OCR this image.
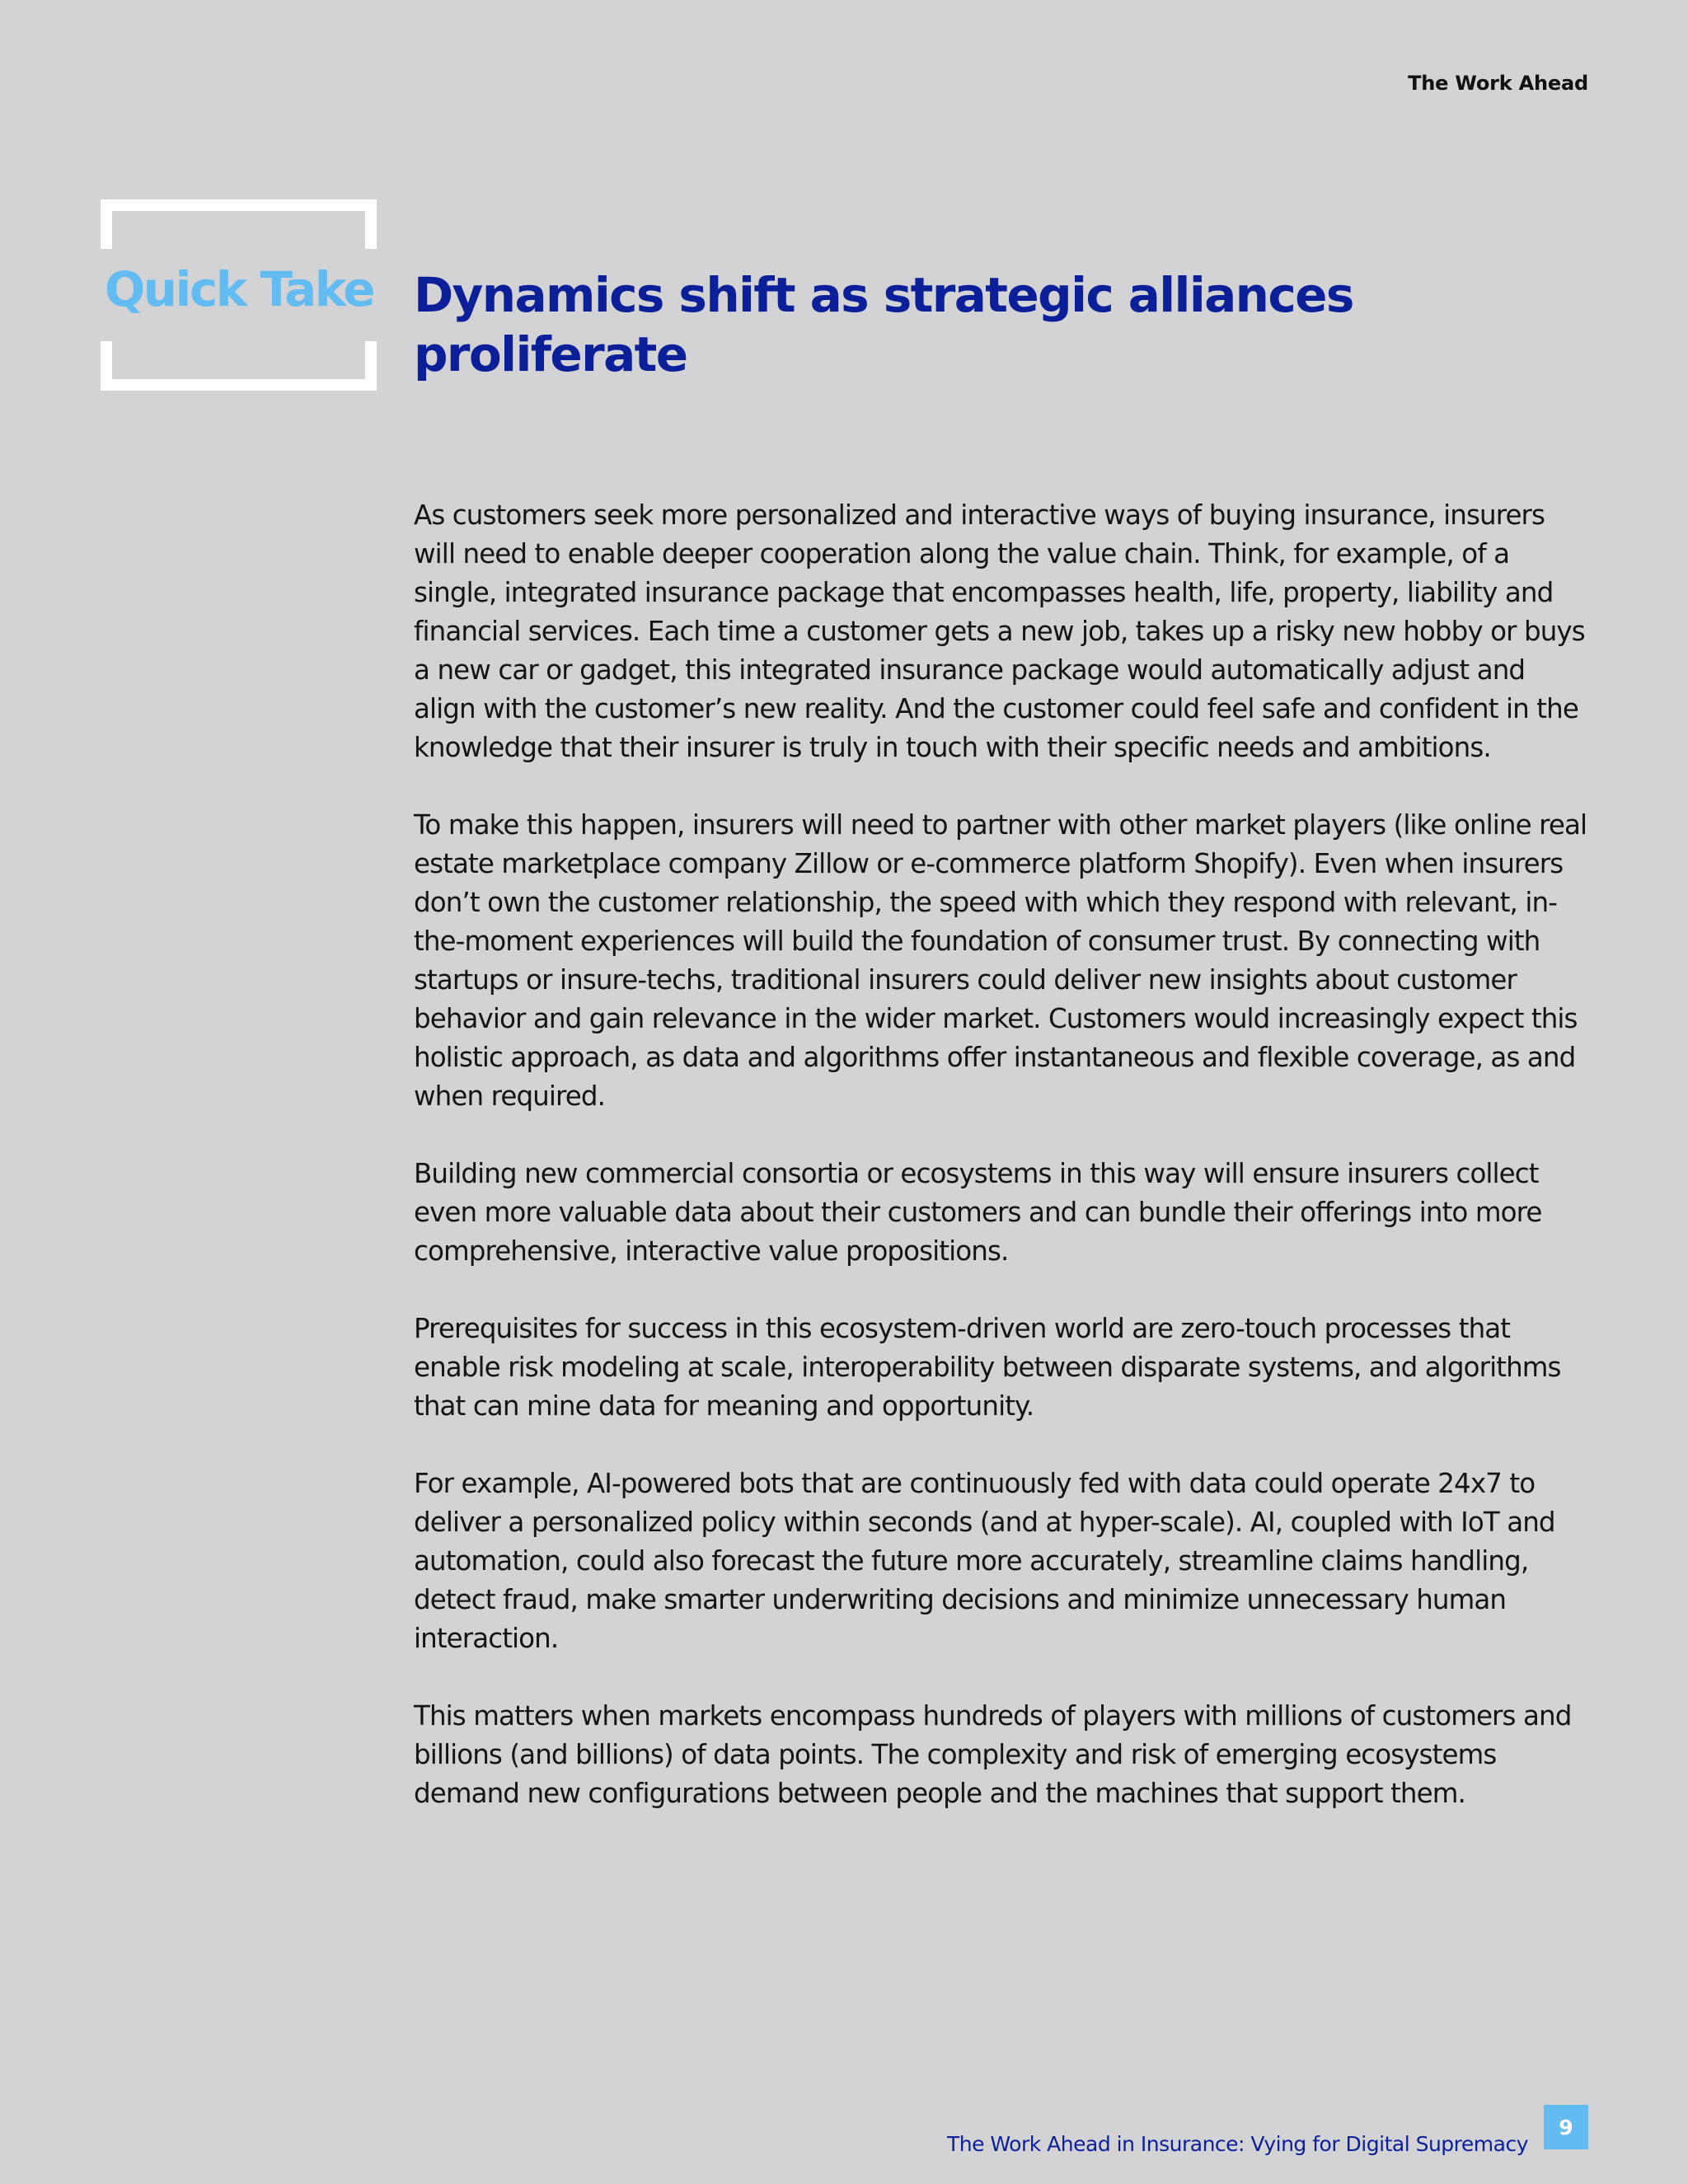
The Work Ahead
Quick Take Dynamics shift as strategic alliances proliferate

As customers seek more personalized and interactive ways of buying insurance, insurers will need to enable deeper cooperation along the value chain. Think, for example, of a single, integrated insurance package that encompasses health, life, property, liability and financial services. Each time a customer gets a new job, takes up a risky new hobby or buys a new car or gadget, this integrated insurance package would automatically adjust and align with the customer’s new reality. And the customer could feel safe and confident in the knowledge that their insurer is truly in touch with their specific needs and ambitions.

To make this happen, insurers will need to partner with other market players (like online real estate marketplace company Zillow or e-commerce platform Shopify). Even when insurers don’t own the customer relationship, the speed with which they respond with relevant, in-the-moment experiences will build the foundation of consumer trust. By connecting with startups or insure-techs, traditional insurers could deliver new insights about customer behavior and gain relevance in the wider market. Customers would increasingly expect this holistic approach, as data and algorithms offer instantaneous and flexible coverage, as and when required.

Building new commercial consortia or ecosystems in this way will ensure insurers collect even more valuable data about their customers and can bundle their offerings into more comprehensive, interactive value propositions.

Prerequisites for success in this ecosystem-driven world are zero-touch processes that enable risk modeling at scale, interoperability between disparate systems, and algorithms that can mine data for meaning and opportunity.

For example, AI-powered bots that are continuously fed with data could operate 24x7 to deliver a personalized policy within seconds (and at hyper-scale). AI, coupled with IoT and automation, could also forecast the future more accurately, streamline claims handling, detect fraud, make smarter underwriting decisions and minimize unnecessary human interaction.

This matters when markets encompass hundreds of players with millions of customers and billions (and billions) of data points. The complexity and risk of emerging ecosystems demand new configurations between people and the machines that support them.

The Work Ahead in Insurance: Vying for Digital Supremacy
9
